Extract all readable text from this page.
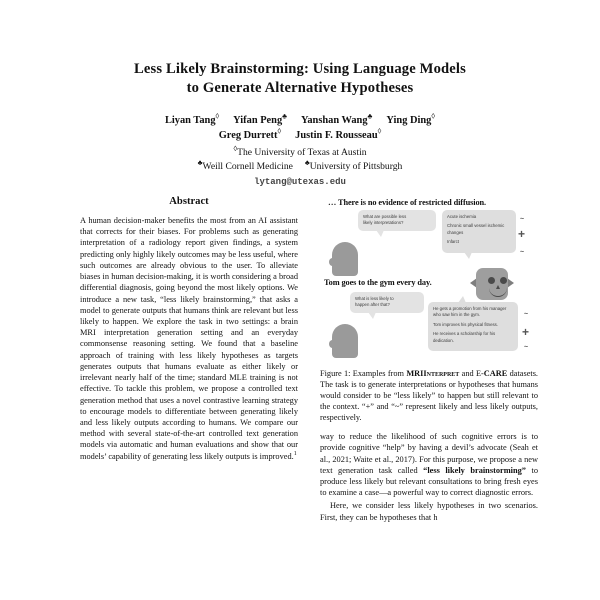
Less Likely Brainstorming: Using Language Models
to Generate Alternative Hypotheses
Liyan Tang◊ Yifan Peng♣ Yanshan Wang♣ Ying Ding◊
Greg Durrett◊ Justin F. Rousseau◊
◊The University of Texas at Austin
♣Weill Cornell Medicine ♣University of Pittsburgh
lytang@utexas.edu
Abstract

A human decision-maker benefits the most from an AI assistant that corrects for their biases. For problems such as generating interpretation of a radiology report given findings, a system predicting only highly likely outcomes may be less useful, where such outcomes are already obvious to the user. To alleviate biases in human decision-making, it is worth considering a broad differential diagnosis, going beyond the most likely options. We introduce a new task, “less likely brainstorming,” that asks a model to generate outputs that humans think are relevant but less likely to happen. We explore the task in two settings: a brain MRI interpretation generation setting and an everyday commonsense reasoning setting. We found that a baseline approach of training with less likely hypotheses as targets generates outputs that humans evaluate as either likely or irrelevant nearly half of the time; standard MLE training is not effective. To tackle this problem, we propose a controlled text generation method that uses a novel contrastive learning strategy to encourage models to differentiate between generating likely and less likely outputs according to humans. We compare our method with several state-of-the-art controlled text generation models via automatic and human evaluations and show that our models’ capability of generating less likely outputs is improved.$^1$

… There is no evidence of restricted diffusion.
Tom goes to the gym every day.
What are possible less
likely interpretations?
What is less likely to
happen after that?
Acute ischemia
Chronic small vessel ischemic changes
Infarct
He gets a promotion from his manager who saw him in the gym.
Tom improves his physical fitness.
He receives a scholarship for his dedication.
~
+
~
~
+
~
Figure 1: Examples from MRIInterpret and E-CARE datasets. The task is to generate interpretations or hypotheses that humans would consider to be “less likely” to happen but still relevant to the context. “+” and “~” represent likely and less likely outputs, respectively.

way to reduce the likelihood of such cognitive errors is to provide cognitive “help” by having a devil’s advocate (Seah et al., 2021; Waite et al., 2017). For this purpose, we propose a new text generation task called “less likely brainstorming” to produce less likely but relevant consultations to bring fresh eyes to examine a case—a powerful way to correct diagnostic errors.

Here, we consider less likely hypotheses in two scenarios. First, they can be hypotheses that h
